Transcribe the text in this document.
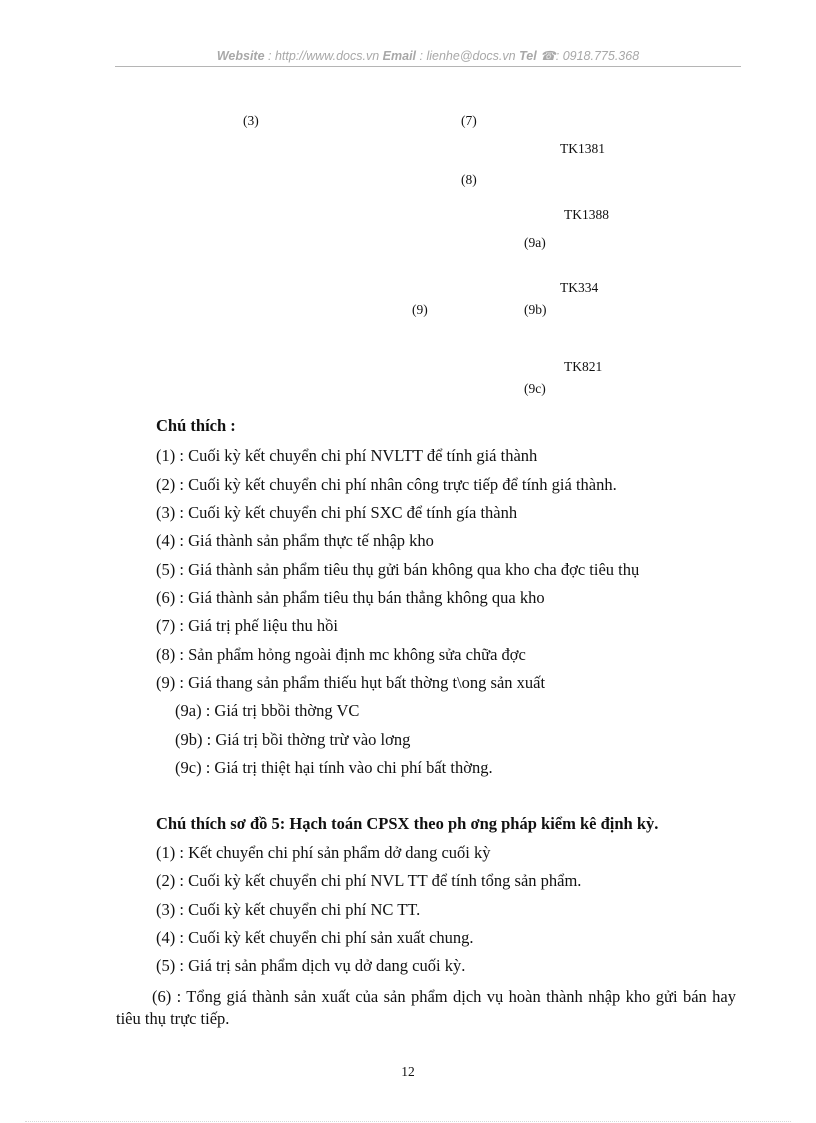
Website : http://www.docs.vn Email : lienhe@docs.vn Tel ☎: 0918.775.368
(3)	(7)
TK1381
(8)
TK1388
(9a)
TK334
(9)	(9b)
TK821
(9c)
Chú thích :
(1) : Cuối kỳ kết chuyển chi phí NVLTT để tính giá thành
(2) : Cuối kỳ kết chuyển chi phí nhân công trực tiếp để tính giá thành.
(3) : Cuối kỳ kết chuyển chi phí SXC để tính gía thành
(4) : Giá thành sản phẩm thực tế nhập kho
(5) : Giá thành sản phẩm tiêu thụ gửi bán không qua kho cha đợc tiêu thụ
(6) : Giá thành sản phẩm tiêu thụ bán thẳng không qua kho
(7) : Giá trị phế liệu thu hồi
(8) : Sản phẩm hỏng ngoài định mc không sửa chữa đợc
(9) : Giá thang sản phẩm thiếu hụt bất thờng t\ong sản xuất
(9a) : Giá trị bbồi thờng VC
(9b) : Giá trị bồi thờng trừ vào lơng
(9c) : Giá trị thiệt hại tính vào chi phí bất thờng.
Chú thích sơ đồ 5: Hạch toán CPSX theo ph ơng pháp kiểm kê định kỳ.
(1) : Kết chuyển chi phí sản phẩm dở dang cuối kỳ
(2) : Cuối kỳ kết chuyển chi phí NVL TT để tính tổng sản phẩm.
(3) : Cuối kỳ kết chuyển chi phí NC TT.
(4) : Cuối kỳ kết chuyển chi phí sản xuất chung.
(5) : Giá trị sản phẩm dịch vụ dở dang cuối kỳ.
(6) : Tổng giá thành sản xuất của sản phẩm dịch vụ hoàn thành nhập kho gửi bán hay tiêu thụ trực tiếp.
12
